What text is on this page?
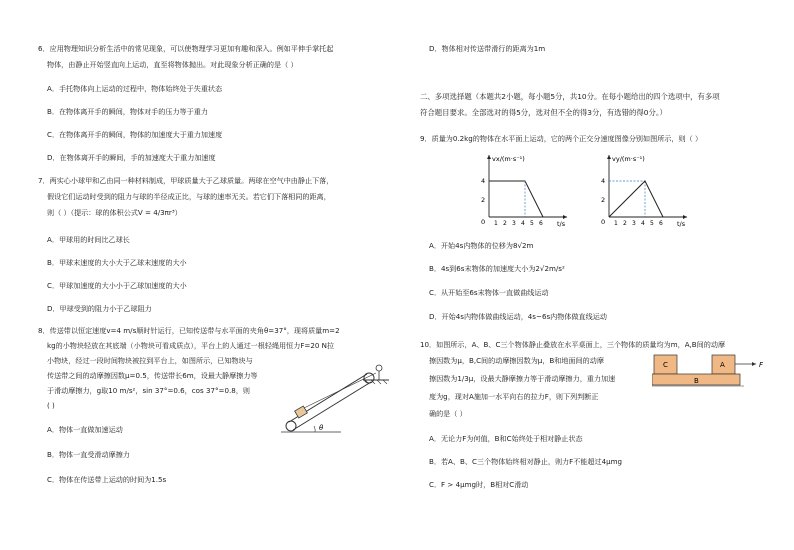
6．应用物理知识分析生活中的常见现象，可以使物理学习更加有趣和深入。例如平伸手掌托起
物体，由静止开始竖直向上运动，直至将物体抛出。对此现象分析正确的是（ ）
A．手托物体向上运动的过程中，物体始终处于失重状态
B．在物体离开手的瞬间，物体对手的压力等于重力
C．在物体离开手的瞬间，物体的加速度大于重力加速度
D．在物体离开手的瞬间，手的加速度大于重力加速度
7．两实心小球甲和乙由同一种材料制成，甲球质量大于乙球质量。两球在空气中由静止下落，
假设它们运动时受到的阻力与球的半径成正比，与球的速率无关。若它们下落相同的距离，
则（ ）（提示：球的体积公式V = 4/3πr³）
A．甲球用的时间比乙球长
B．甲球末速度的大小大于乙球末速度的大小
C．甲球加速度的大小小于乙球加速度的大小
D．甲球受到的阻力小于乙球阻力
8．传送带以恒定速度v=4 m/s顺时针运行，已知传送带与水平面的夹角θ=37°，现将质量m=2
kg的小物块轻放在其底端（小物块可看成质点），平台上的人通过一根轻绳用恒力F=20 N拉
小物块，经过一段时间物块被拉到平台上，如图所示，已知物块与
传送带之间的动摩擦因数μ=0.5，传送带长6m，设最大静摩擦力等
于滑动摩擦力，g取10 m/s²，sin 37°=0.6，cos 37°=0.8，则
( )
A．物体一直做加速运动
B．物体一直受滑动摩擦力
C．物体在传送带上运动的时间为1.5s
θ
D．物体相对传送带滑行的距离为1m
二、多项选择题（本题共2小题，每小题5分，共10分。在每小题给出的四个选项中，有多项
符合题目要求。全部选对的得5分，选对但不全的得3分，有选错的得0分。）
9．质量为0.2kg的物体在水平面上运动，它的两个正交分速度图像分别如图所示，则（ ）
vx/(m·s⁻¹)
t/s
4
2
0 1 2 3 4 5 6
vy/(m·s⁻¹)
t/s
4
2
0 1 2 3 4 5 6
A．开始4s内物体的位移为8√2m
B．4s到6s末物体的加速度大小为2√2m/s²
C．从开始至6s末物体一直做曲线运动
D．开始4s内物体做曲线运动，4s~6s内物体做直线运动
10．如图所示，A、B、C三个物体静止叠放在水平桌面上，三个物体的质量均为m，A,B间的动摩
擦因数为μ，B,C间的动摩擦因数为μ，B和地面间的动摩
擦因数为1/3μ，设最大静摩擦力等于滑动摩擦力，重力加速
度为g，现对A施加一水平向右的拉力F，则下列判断正
确的是（ ）
C	A
B
F
A．无论力F为何值，B和C始终处于相对静止状态
B．若A、B、C三个物体始终相对静止，则力F不能超过4μmg
C．F > 4μmg时，B相对C滑动
